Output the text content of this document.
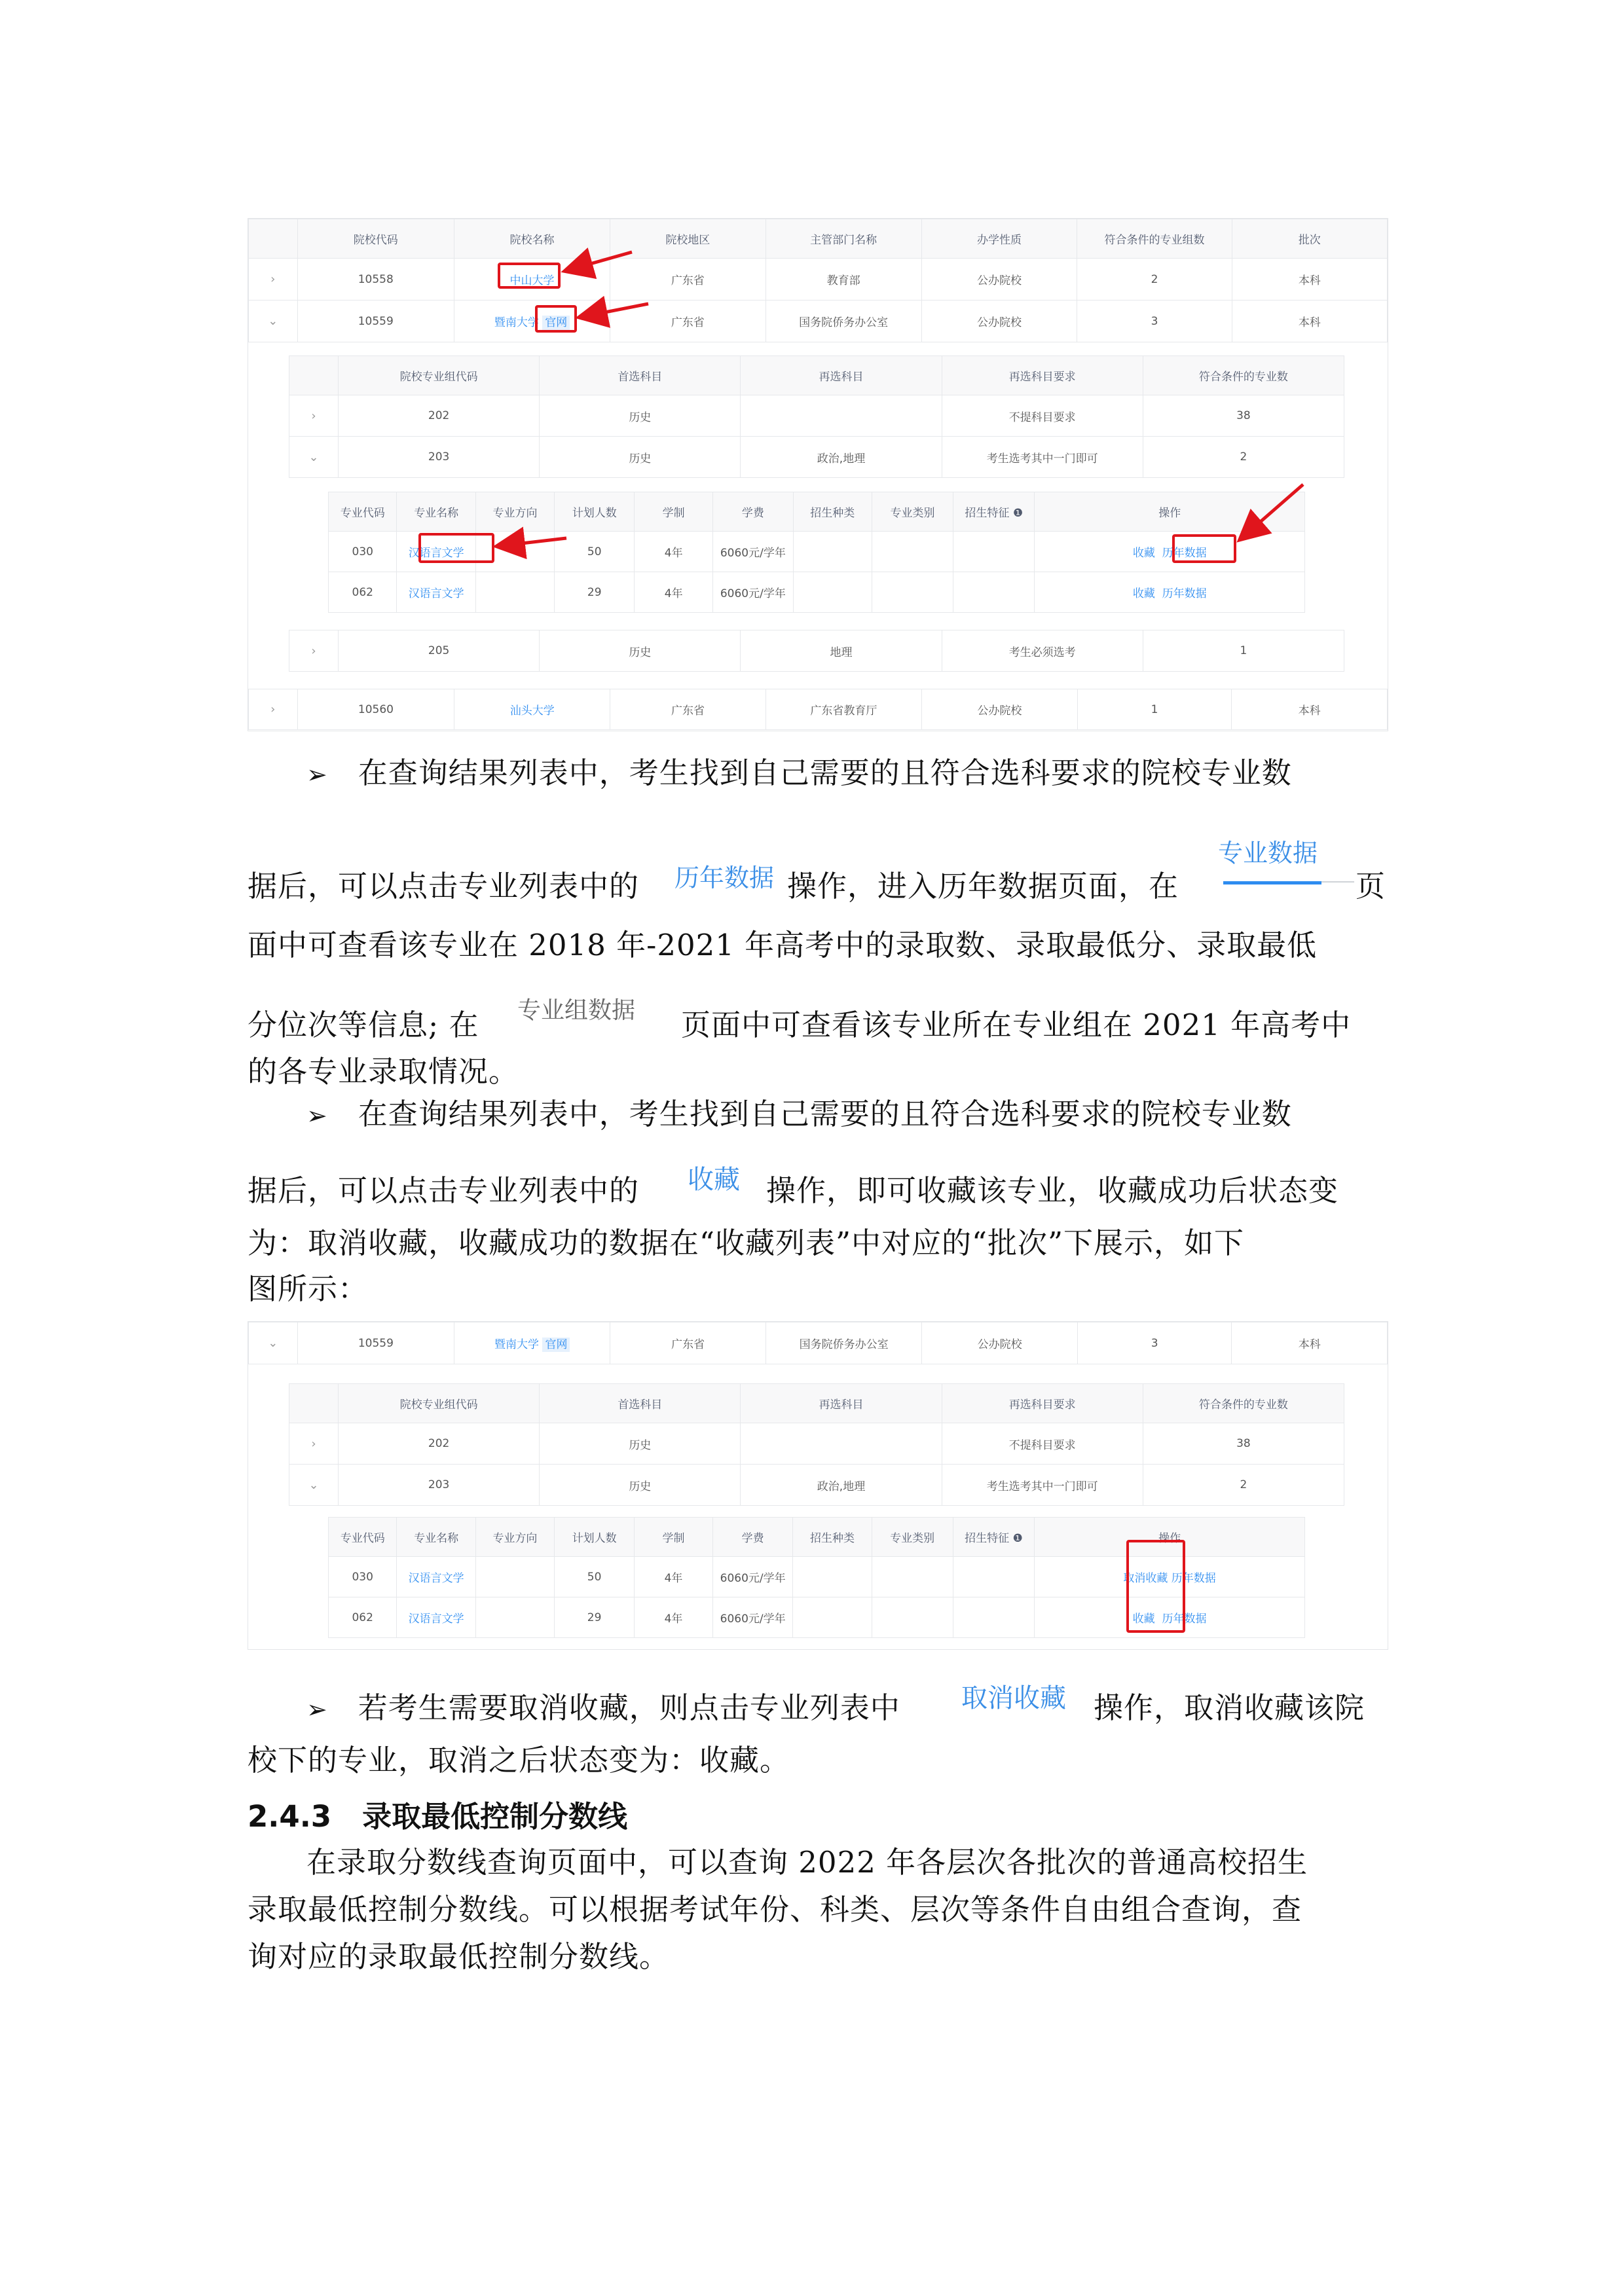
	院校代码	院校名称	院校地区	主管部门名称	办学性质	符合条件的专业组数	批次
›	10558	中山大学	广东省	教育部	公办院校	2	本科
⌄	10559	暨南大学 官网	广东省	国务院侨务办公室	公办院校	3	本科
	院校专业组代码	首选科目	再选科目	再选科目要求	符合条件的专业数
›	202	历史		不提科目要求	38
⌄	203	历史	政治,地理	考生选考其中一门即可	2
专业代码	专业名称	专业方向	计划人数	学制	学费	招生种类	专业类别	招生特征 ❶	操作
030	汉语言文学		50	4年	6060元/学年				收藏 历年数据
062	汉语言文学		29	4年	6060元/学年				收藏 历年数据
›	205	历史	地理	考生必须选考	1
›	10560	汕头大学	广东省	广东省教育厅	公办院校	1	本科
➢ 在查询结果列表中，考生找到自己需要的且符合选科要求的院校专业数
据后，可以点击专业列表中的 历年数据 操作，进入历年数据页面，在
专业数据
页
面中可查看该专业在 2018 年-2021 年高考中的录取数、录取最低分、录取最低
分位次等信息; 在 专业组数据 页面中可查看该专业所在专业组在 2021 年高考中
的各专业录取情况。
➢ 在查询结果列表中，考生找到自己需要的且符合选科要求的院校专业数
据后，可以点击专业列表中的 收藏 操作，即可收藏该专业，收藏成功后状态变
为：取消收藏，收藏成功的数据在“收藏列表”中对应的“批次”下展示，如下
图所示：
⌄	10559	暨南大学 官网	广东省	国务院侨务办公室	公办院校	3	本科
	院校专业组代码	首选科目	再选科目	再选科目要求	符合条件的专业数
›	202	历史		不提科目要求	38
⌄	203	历史	政治,地理	考生选考其中一门即可	2
专业代码	专业名称	专业方向	计划人数	学制	学费	招生种类	专业类别	招生特征 ❶	操作
030	汉语言文学		50	4年	6060元/学年				取消收藏 历年数据
062	汉语言文学		29	4年	6060元/学年				收藏 历年数据
➢ 若考生需要取消收藏，则点击专业列表中 取消收藏 操作，取消收藏该院
校下的专业，取消之后状态变为：收藏。
2.4.3 录取最低控制分数线
在录取分数线查询页面中，可以查询 2022 年各层次各批次的普通高校招生
录取最低控制分数线。可以根据考试年份、科类、层次等条件自由组合查询，查
询对应的录取最低控制分数线。
